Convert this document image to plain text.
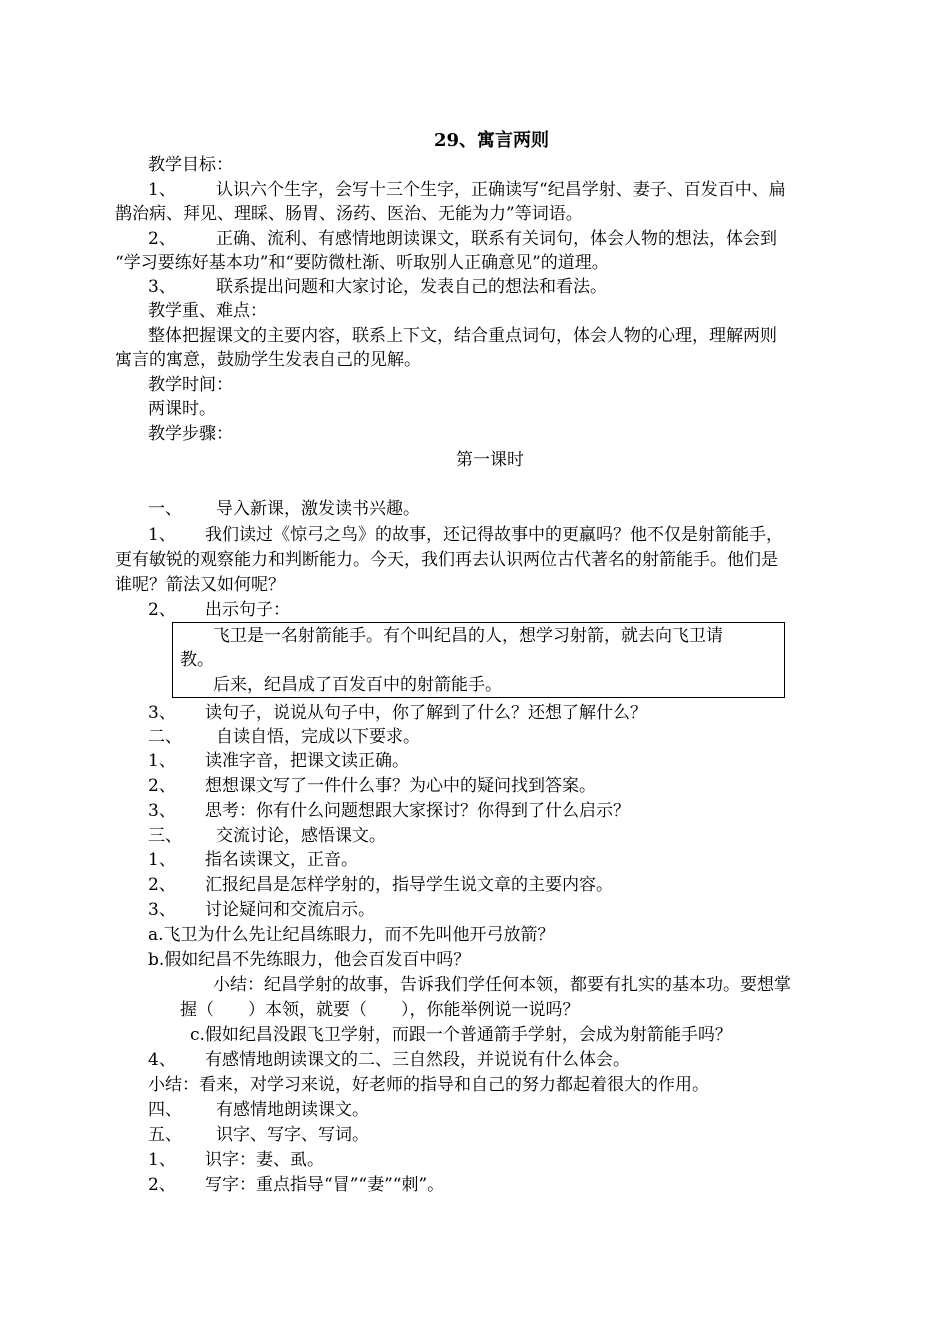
29、寓言两则
教学目标：
1、 认识六个生字，会写十三个生字，正确读写“纪昌学射、妻子、百发百中、扁
鹊治病、拜见、理睬、肠胃、汤药、医治、无能为力”等词语。
2、 正确、流利、有感情地朗读课文，联系有关词句，体会人物的想法，体会到
“学习要练好基本功”和“要防微杜渐、听取别人正确意见”的道理。
3、 联系提出问题和大家讨论，发表自己的想法和看法。
教学重、难点：
整体把握课文的主要内容，联系上下文，结合重点词句，体会人物的心理，理解两则
寓言的寓意，鼓励学生发表自己的见解。
教学时间：
两课时。
教学步骤：
第一课时
一、 导入新课，激发读书兴趣。
1、 我们读过《惊弓之鸟》的故事，还记得故事中的更羸吗？他不仅是射箭能手，
更有敏锐的观察能力和判断能力。今天，我们再去认识两位古代著名的射箭能手。他们是
谁呢？箭法又如何呢？
2、 出示句子：
飞卫是一名射箭能手。有个叫纪昌的人，想学习射箭，就去向飞卫请
教。
后来，纪昌成了百发百中的射箭能手。
3、 读句子，说说从句子中，你了解到了什么？还想了解什么？
二、 自读自悟，完成以下要求。
1、 读准字音，把课文读正确。
2、 想想课文写了一件什么事？为心中的疑问找到答案。
3、 思考：你有什么问题想跟大家探讨？你得到了什么启示？
三、 交流讨论，感悟课文。
1、 指名读课文，正音。
2、 汇报纪昌是怎样学射的，指导学生说文章的主要内容。
3、 讨论疑问和交流启示。
a.飞卫为什么先让纪昌练眼力，而不先叫他开弓放箭？
b.假如纪昌不先练眼力，他会百发百中吗？
小结：纪昌学射的故事，告诉我们学任何本领，都要有扎实的基本功。要想掌
握（　　）本领，就要（　　），你能举例说一说吗？
c.假如纪昌没跟飞卫学射，而跟一个普通箭手学射，会成为射箭能手吗？
4、 有感情地朗读课文的二、三自然段，并说说有什么体会。
小结：看来，对学习来说，好老师的指导和自己的努力都起着很大的作用。
四、 有感情地朗读课文。
五、 识字、写字、写词。
1、 识字：妻、虱。
2、 写字：重点指导“冒”“妻”“刺”。
